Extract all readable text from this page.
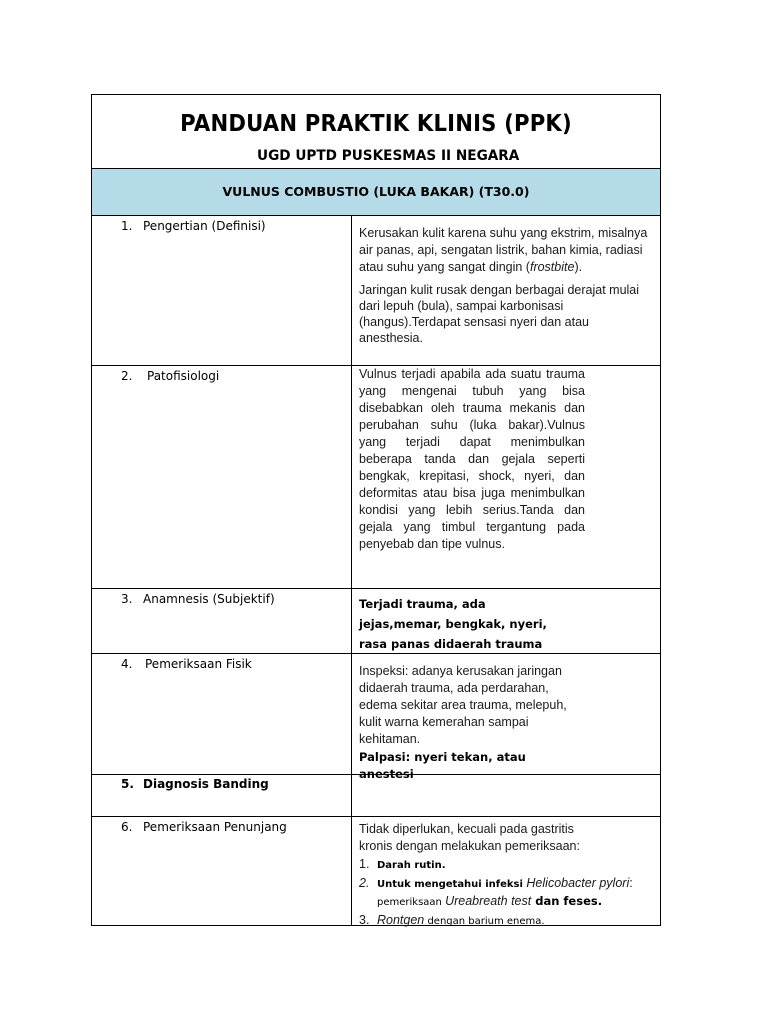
PANDUAN PRAKTIK KLINIS (PPK)
UGD UPTD PUSKESMAS II NEGARA
VULNUS COMBUSTIO (LUKA BAKAR) (T30.0)
1. Pengertian (Definisi)	Kerusakan kulit karena suhu yang ekstrim, misalnya air panas, api, sengatan listrik, bahan kimia, radiasi atau suhu yang sangat dingin (frostbite).

Jaringan kulit rusak dengan berbagai derajat mulai dari lepuh (bula), sampai karbonisasi (hangus).Terdapat sensasi nyeri dan atau anesthesia.

2. Patofisiologi	Vulnus terjadi apabila ada suatu trauma yang mengenai tubuh yang bisa disebabkan oleh trauma mekanis dan perubahan suhu (luka bakar).Vulnus yang terjadi dapat menimbulkan beberapa tanda dan gejala seperti bengkak, krepitasi, shock, nyeri, dan deformitas atau bisa juga menimbulkan kondisi yang lebih serius.Tanda dan gejala yang timbul tergantung pada penyebab dan tipe vulnus.
3. Anamnesis (Subjektif)	Terjadi trauma, ada jejas,memar, bengkak, nyeri, rasa panas didaerah trauma
4. Pemeriksaan Fisik	Inspeksi: adanya kerusakan jaringan didaerah trauma, ada perdarahan, edema sekitar area trauma, melepuh, kulit warna kemerahan sampai kehitaman.

Palpasi: nyeri tekan, atau anestesi

5. Diagnosis Banding
6. Pemeriksaan Penunjang	Tidak diperlukan, kecuali pada gastritis kronis dengan melakukan pemeriksaan:

1. Darah rutin.
2. Untuk mengetahui infeksi Helicobacter pylori:
pemeriksaan Ureabreath test dan feses.
3. Rontgen dengan barium enema.
